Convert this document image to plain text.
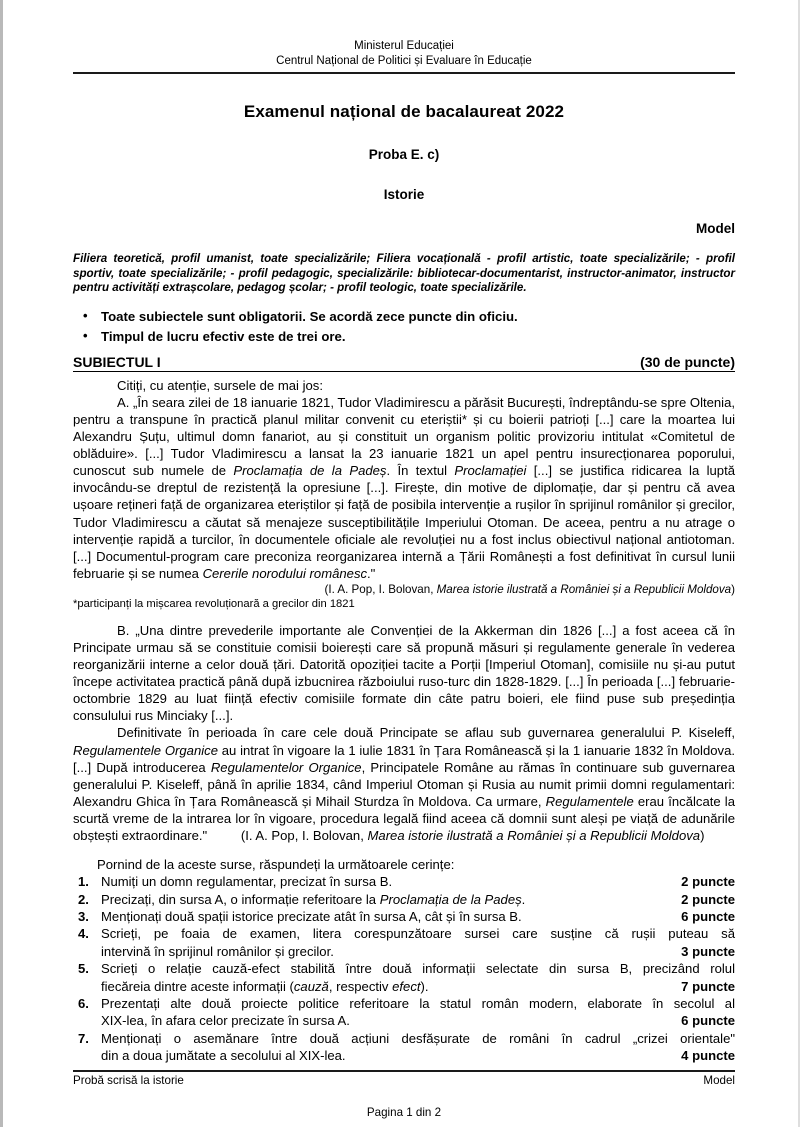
Ministerul Educației
Centrul Național de Politici și Evaluare în Educație
Examenul național de bacalaureat 2022
Proba E. c)
Istorie
Model
Filiera teoretică, profil umanist, toate specializările; Filiera vocațională - profil artistic, toate specializările; - profil sportiv, toate specializările; - profil pedagogic, specializările: bibliotecar-documentarist, instructor-animator, instructor pentru activități extrașcolare, pedagog școlar; - profil teologic, toate specializările.
• Toate subiectele sunt obligatorii. Se acordă zece puncte din oficiu.
• Timpul de lucru efectiv este de trei ore.
SUBIECTUL I	(30 de puncte)

Citiți, cu atenție, sursele de mai jos:

A. „În seara zilei de 18 ianuarie 1821, Tudor Vladimirescu a părăsit București, îndreptându-se spre Oltenia, pentru a transpune în practică planul militar convenit cu eteriștii* și cu boierii patrioți [...] care la moartea lui Alexandru Șuțu, ultimul domn fanariot, au și constituit un organism politic provizoriu intitulat «Comitetul de oblăduire». [...] Tudor Vladimirescu a lansat la 23 ianuarie 1821 un apel pentru insurecționarea poporului, cunoscut sub numele de Proclamația de la Padeș. În textul Proclamației [...] se justifica ridicarea la luptă invocându-se dreptul de rezistență la opresiune [...]. Firește, din motive de diplomație, dar și pentru că avea ușoare rețineri față de organizarea eteriștilor și față de posibila intervenție a rușilor în sprijinul românilor și grecilor, Tudor Vladimirescu a căutat să menajeze susceptibilitățile Imperiului Otoman. De aceea, pentru a nu atrage o intervenție rapidă a turcilor, în documentele oficiale ale revoluției nu a fost inclus obiectivul național antiotoman. [...] Documentul-program care preconiza reorganizarea internă a Țării Românești a fost definitivat în cursul lunii februarie și se numea Cererile norodului românesc."

(I. A. Pop, I. Bolovan, Marea istorie ilustrată a României și a Republicii Moldova)
*participanți la mișcarea revoluționară a grecilor din 1821

B. „Una dintre prevederile importante ale Convenției de la Akkerman din 1826 [...] a fost aceea că în Principate urmau să se constituie comisii boierești care să propună măsuri și regulamente generale în vederea reorganizării interne a celor două țări. Datorită opoziției tacite a Porții [Imperiul Otoman], comisiile nu și-au putut începe activitatea practică până după izbucnirea războiului ruso-turc din 1828-1829. [...] În perioada [...] februarie-octombrie 1829 au luat ființă efectiv comisiile formate din câte patru boieri, ele fiind puse sub președinția consulului rus Minciaky [...].

Definitivate în perioada în care cele două Principate se aflau sub guvernarea generalului P. Kiseleff, Regulamentele Organice au intrat în vigoare la 1 iulie 1831 în Țara Românească și la 1 ianuarie 1832 în Moldova. [...] După introducerea Regulamentelor Organice, Principatele Române au rămas în continuare sub guvernarea generalului P. Kiseleff, până în aprilie 1834, când Imperiul Otoman și Rusia au numit primii domni regulamentari: Alexandru Ghica în Țara Românească și Mihail Sturdza în Moldova. Ca urmare, Regulamentele erau încălcate la scurtă vreme de la intrarea lor în vigoare, procedura legală fiind aceea că domnii sunt aleși pe viață de adunările obștești extraordinare."	(I. A. Pop, I. Bolovan, Marea istorie ilustrată a României și a Republicii Moldova)

Pornind de la aceste surse, răspundeți la următoarele cerințe:
1. Numiți un domn regulamentar, precizat în sursa B.	2 puncte
2. Precizați, din sursa A, o informație referitoare la Proclamația de la Padeș.	2 puncte
3. Menționați două spații istorice precizate atât în sursa A, cât și în sursa B.	6 puncte
4. Scrieți, pe foaia de examen, litera corespunzătoare sursei care susține că rușii puteau să
intervină în sprijinul românilor și grecilor.	3 puncte
5. Scrieți o relație cauză-efect stabilită între două informații selectate din sursa B, precizând rolul
fiecăreia dintre aceste informații (cauză, respectiv efect).	7 puncte
6. Prezentați alte două proiecte politice referitoare la statul român modern, elaborate în secolul al
XIX-lea, în afara celor precizate în sursa A.	6 puncte
7. Menționați o asemănare între două acțiuni desfășurate de români în cadrul „crizei orientale"
din a doua jumătate a secolului al XIX-lea.	4 puncte
Probă scrisă la istorie	Model
Pagina 1 din 2
